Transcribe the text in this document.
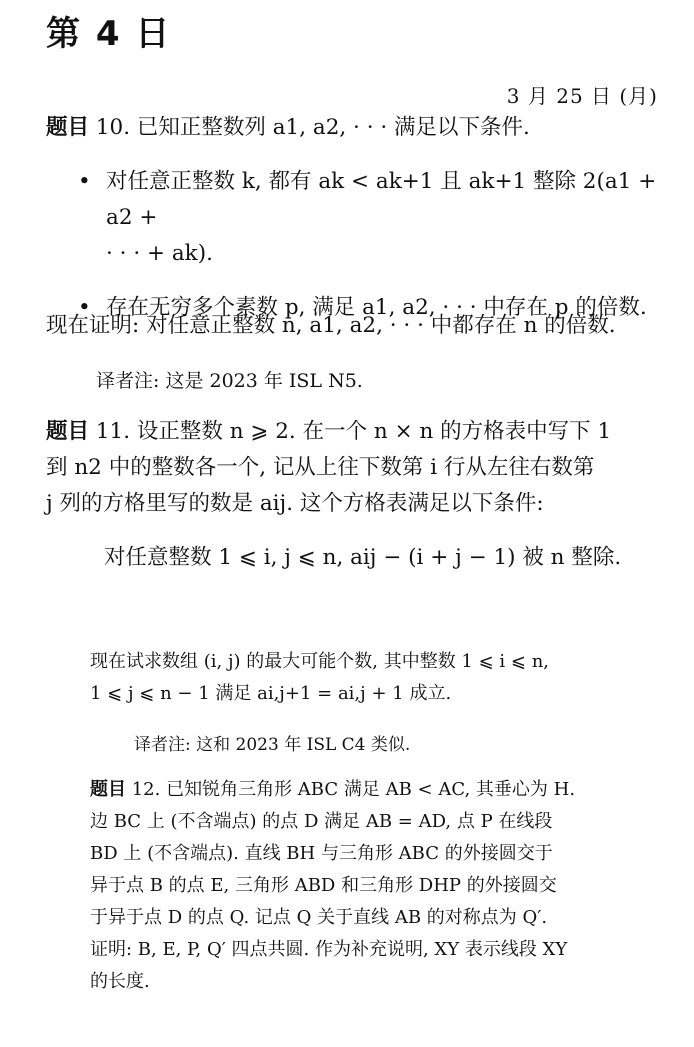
第 4 日
3 月 25 日 (月)
题目 10. 已知正整数列 a1, a2, · · · 满足以下条件.
• 对任意正整数 k, 都有 ak < ak+1 且 ak+1 整除 2(a1 + a2 +
· · · + ak).
• 存在无穷多个素数 p, 满足 a1, a2, · · · 中存在 p 的倍数.
现在证明: 对任意正整数 n, a1, a2, · · · 中都存在 n 的倍数.
译者注: 这是 2023 年 ISL N5.
题目 11. 设正整数 n ⩾ 2. 在一个 n × n 的方格表中写下 1
到 n2 中的整数各一个, 记从上往下数第 i 行从左往右数第
j 列的方格里写的数是 aij. 这个方格表满足以下条件:
对任意整数 1 ⩽ i, j ⩽ n, aij − (i + j − 1) 被 n 整除.
现在试求数组 (i, j) 的最大可能个数, 其中整数 1 ⩽ i ⩽ n,
1 ⩽ j ⩽ n − 1 满足 ai,j+1 = ai,j + 1 成立.
译者注: 这和 2023 年 ISL C4 类似.
题目 12. 已知锐角三角形 ABC 满足 AB < AC, 其垂心为 H.
边 BC 上 (不含端点) 的点 D 满足 AB = AD, 点 P 在线段
BD 上 (不含端点). 直线 BH 与三角形 ABC 的外接圆交于
异于点 B 的点 E, 三角形 ABD 和三角形 DHP 的外接圆交
于异于点 D 的点 Q. 记点 Q 关于直线 AB 的对称点为 Q′.
证明: B, E, P, Q′ 四点共圆. 作为补充说明, XY 表示线段 XY
的长度.
